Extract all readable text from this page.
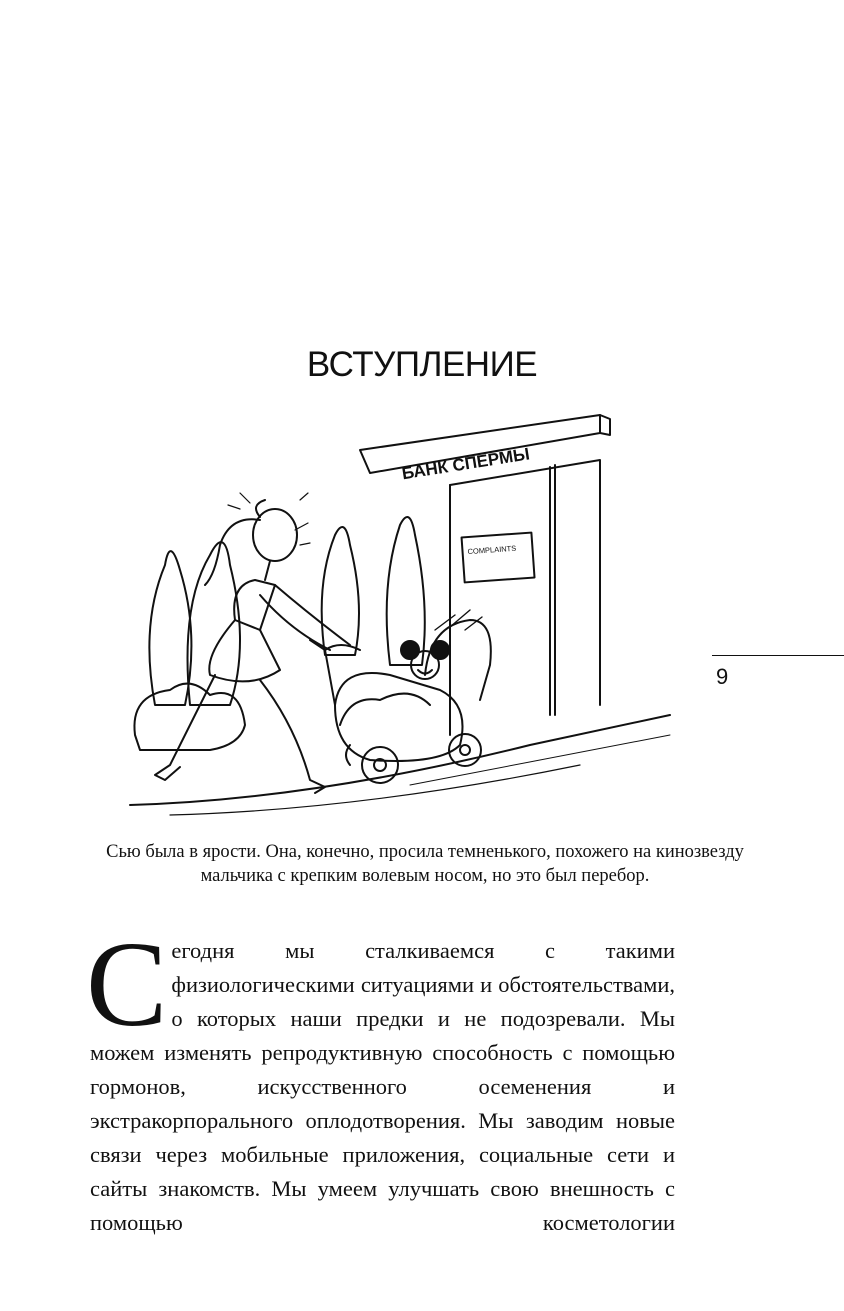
ВСТУПЛЕНИЕ
БАНК СПЕРМЫ
COMPLAINTS

Сью была в ярости. Она, конечно, просила темненького, похожего на кинозвезду мальчика с крепким волевым носом, но это был перебор.

9

Сегодня мы сталкиваемся с такими физиологическими ситуациями и обстоятельствами, о которых наши предки и не подозревали. Мы можем изменять репродуктивную способность с помощью гормонов, искусственного осеменения и экстракорпорального оплодотворения. Мы заводим новые связи через мобильные приложения, социальные сети и сайты знакомств. Мы умеем улучшать свою внешность с помощью косметологии
